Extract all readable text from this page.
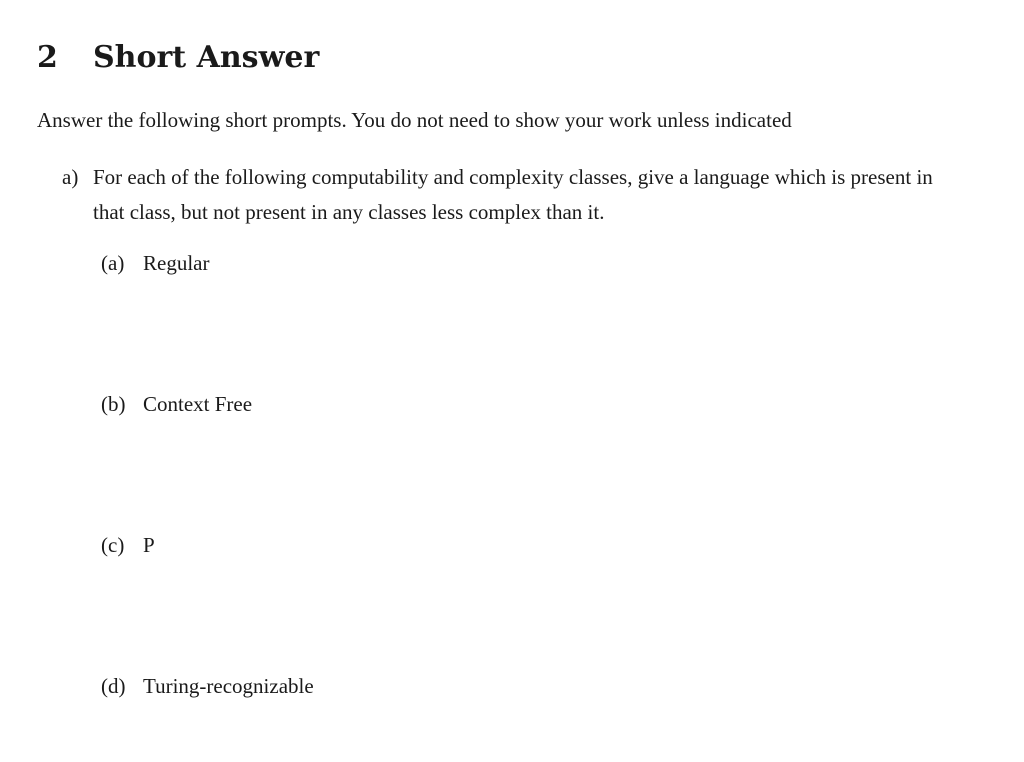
2 Short Answer
Answer the following short prompts. You do not need to show your work unless indicated
a) For each of the following computability and complexity classes, give a language which is present in that class, but not present in any classes less complex than it.
(a) Regular
(b) Context Free
(c) P
(d) Turing-recognizable
